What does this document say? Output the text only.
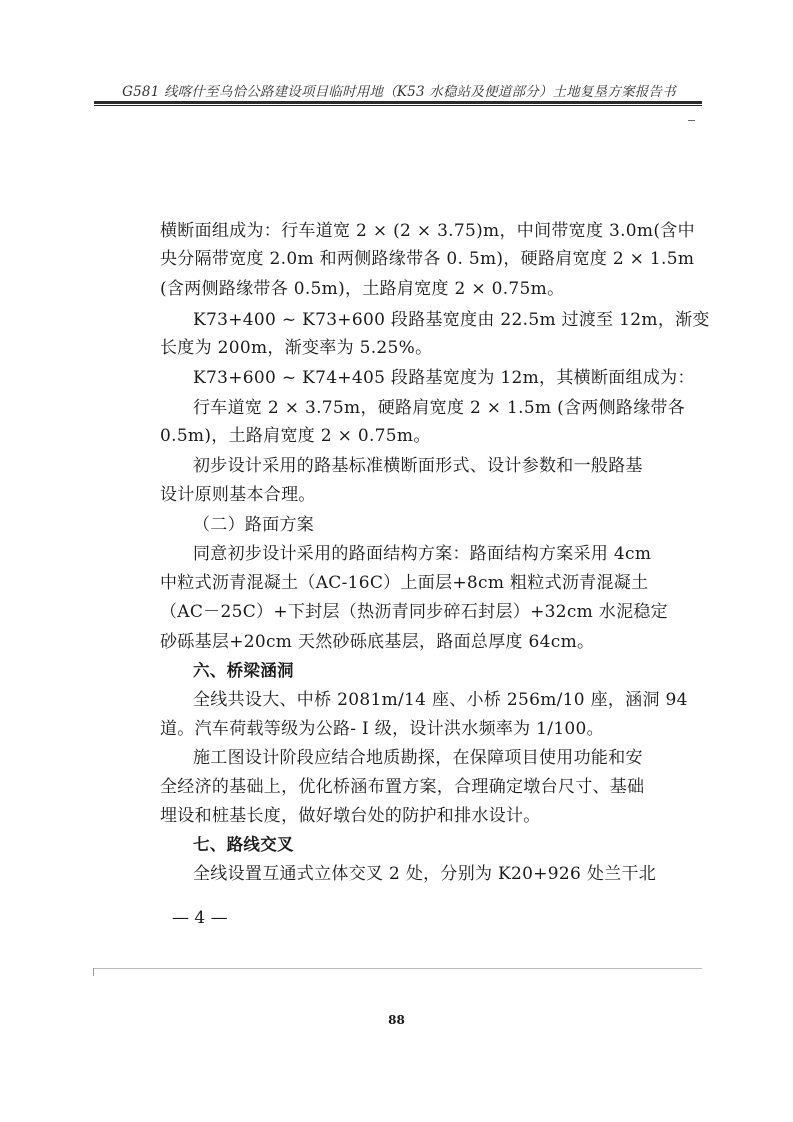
G581 线喀什至乌恰公路建设项目临时用地（K53 水稳站及便道部分）土地复垦方案报告书
横断面组成为：行车道宽 2 × (2 × 3.75)m，中间带宽度 3.0m(含中
央分隔带宽度 2.0m 和两侧路缘带各 0. 5m)，硬路肩宽度 2 × 1.5m
(含两侧路缘带各 0.5m)，土路肩宽度 2 × 0.75m。
K73+400 ~ K73+600 段路基宽度由 22.5m 过渡至 12m，渐变
长度为 200m，渐变率为 5.25%。
K73+600 ~ K74+405 段路基宽度为 12m，其横断面组成为：
行车道宽 2 × 3.75m，硬路肩宽度 2 × 1.5m (含两侧路缘带各
0.5m)，土路肩宽度 2 × 0.75m。
初步设计采用的路基标准横断面形式、设计参数和一般路基
设计原则基本合理。
（二）路面方案
同意初步设计采用的路面结构方案：路面结构方案采用 4cm
中粒式沥青混凝土（AC-16C）上面层+8cm 粗粒式沥青混凝土
（AC－25C）+下封层（热沥青同步碎石封层）+32cm 水泥稳定
砂砾基层+20cm 天然砂砾底基层，路面总厚度 64cm。
六、桥梁涵洞
全线共设大、中桥 2081m/14 座、小桥 256m/10 座，涵洞 94
道。汽车荷载等级为公路- I 级，设计洪水频率为 1/100。
施工图设计阶段应结合地质勘探，在保障项目使用功能和安
全经济的基础上，优化桥涵布置方案，合理确定墩台尺寸、基础
埋设和桩基长度，做好墩台处的防护和排水设计。
七、路线交叉
全线设置互通式立体交叉 2 处，分别为 K20+926 处兰干北
— 4 —
88
